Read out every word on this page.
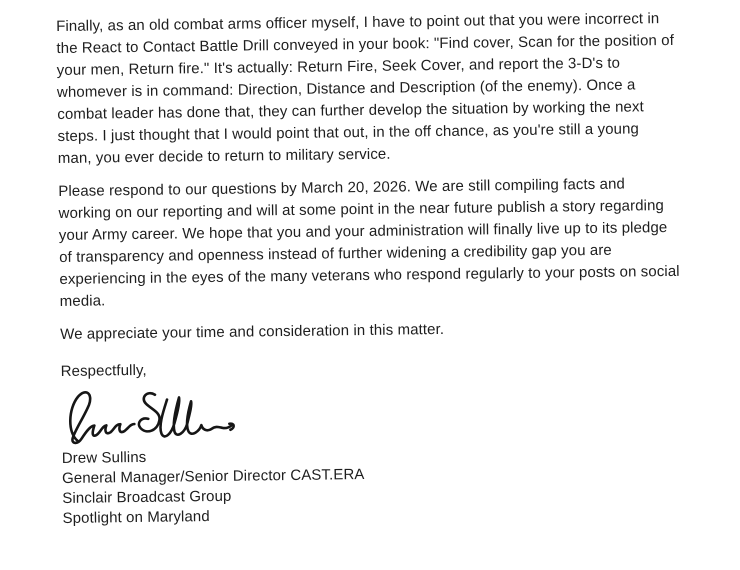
Finally, as an old combat arms officer myself, I have to point out that you were incorrect in
the React to Contact Battle Drill conveyed in your book: "Find cover, Scan for the position of
your men, Return fire." It's actually: Return Fire, Seek Cover, and report the 3-D's to
whomever is in command: Direction, Distance and Description (of the enemy). Once a
combat leader has done that, they can further develop the situation by working the next
steps. I just thought that I would point that out, in the off chance, as you're still a young
man, you ever decide to return to military service.
Please respond to our questions by March 20, 2026. We are still compiling facts and
working on our reporting and will at some point in the near future publish a story regarding
your Army career. We hope that you and your administration will finally live up to its pledge
of transparency and openness instead of further widening a credibility gap you are
experiencing in the eyes of the many veterans who respond regularly to your posts on social
media.
We appreciate your time and consideration in this matter.
Respectfully,
Drew Sullins
General Manager/Senior Director CAST.ERA
Sinclair Broadcast Group
Spotlight on Maryland
